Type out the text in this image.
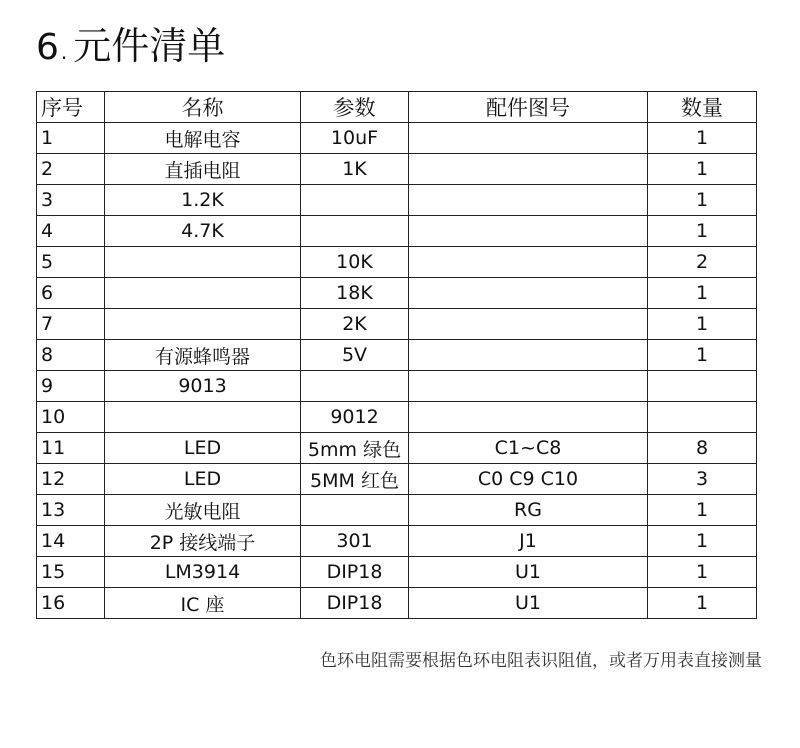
6 . 元件清单
序号	名称	参数	配件图号	数量
1	电解电容	10uF		1
2	直插电阻	1K		1
3	1.2K			1
4	4.7K			1
5		10K		2
6		18K		1
7		2K		1
8	有源蜂鸣器	5V		1
9	9013			
10		9012		
11	LED	5mm 绿色	C1~C8	8
12	LED	5MM 红色	C0 C9 C10	3
13	光敏电阻		RG	1
14	2P 接线端子	301	J1	1
15	LM3914	DIP18	U1	1
16	IC 座	DIP18	U1	1
色环电阻需要根据色环电阻表识阻值，或者万用表直接测量
